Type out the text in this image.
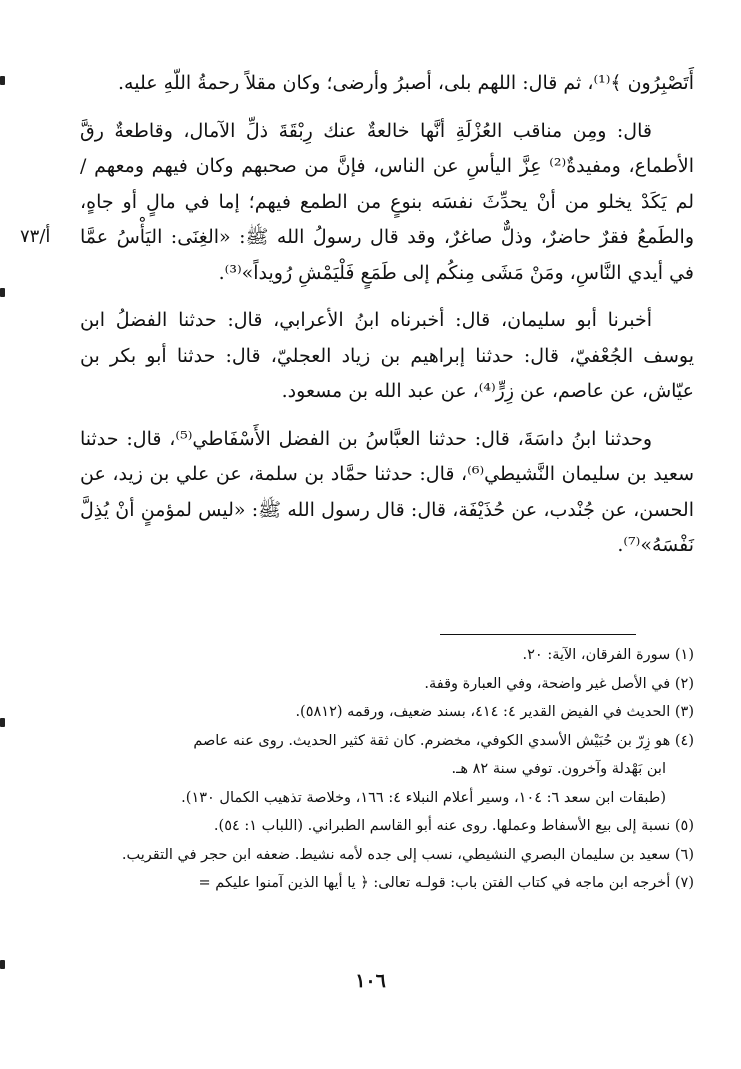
أَتَصْبِرُون ﴾⁽¹⁾، ثم قال: اللهم بلى، أصبرُ وأرضى؛ وكان مقلاً رحمةُ اللّهِ عليه.

قال: ومِن مناقب العُزْلَةِ أنَّها خالعةٌ عنك رِبْقَةَ ذلِّ الآمال، وقاطعةٌ رقَّ الأطماع، ومفيدةٌ⁽²⁾ عِزَّ اليأسِ عن الناس، فإنَّ من صحبهم وكان فيهم ومعهم / لم يَكَدْ يخلو من أنْ يحدِّثَ نفسَه بنوعٍ من الطمع فيهم؛ إما في مالٍ أو جاهٍ، والطَمعُ فقرٌ حاضرٌ، وذلٌّ صاغرٌ، وقد قال رسولُ الله ﷺ: «الغِنَى: اليَأْسُ عمَّا في أيدي النَّاسِ، ومَنْ مَشَى مِنكُم إلى طَمَعٍ فَلْيَمْشِ رُويداً»⁽³⁾.

أخبرنا أبو سليمان، قال: أخبرناه ابنُ الأعرابي، قال: حدثنا الفضلُ ابن يوسف الجُعْفيّ، قال: حدثنا إبراهيم بن زياد العجليّ، قال: حدثنا أبو بكر بن عيّاش، عن عاصم، عن زِرٍّ⁽⁴⁾، عن عبد الله بن مسعود.

وحدثنا ابنُ داسَةَ، قال: حدثنا العبَّاسُ بن الفضل الأَسْفَاطي⁽⁵⁾، قال: حدثنا سعيد بن سليمان النَّشيطي⁽⁶⁾، قال: حدثنا حمَّاد بن سلمة، عن علي بن زيد، عن الحسن، عن جُنْدب، عن حُذَيْفَة، قال: قال رسول الله ﷺ: «ليس لمؤمنٍ أنْ يُذِلَّ نَفْسَهُ»⁽⁷⁾.

أ/٧٣

(١) سورة الفرقان، الآية: ٢٠.

(٢) في الأصل غير واضحة، وفي العبارة وقفة.

(٣) الحديث في الفيض القدير ٤: ٤١٤، بسند ضعيف، ورقمه (٥٨١٢).

(٤) هو زِرّ بن حُبَيْش الأسدي الكوفي، مخضرم. كان ثقة كثير الحديث. روى عنه عاصم
ابن بَهْدلة وآخرون. توفي سنة ٨٢ هـ.

(طبقات ابن سعد ٦: ١٠٤، وسير أعلام النبلاء ٤: ١٦٦، وخلاصة تذهيب الكمال ١٣٠).

(٥) نسبة إلى بيع الأسفاط وعملها. روى عنه أبو القاسم الطبراني. (اللباب ١: ٥٤).

(٦) سعيد بن سليمان البصري النشيطي، نسب إلى جده لأمه نشيط. ضعفه ابن حجر في التقريب.

(٧) أخرجه ابن ماجه في كتاب الفتن باب: قولـه تعالى: ﴿ يا أيها الذين آمنوا عليكم =

١٠٦
